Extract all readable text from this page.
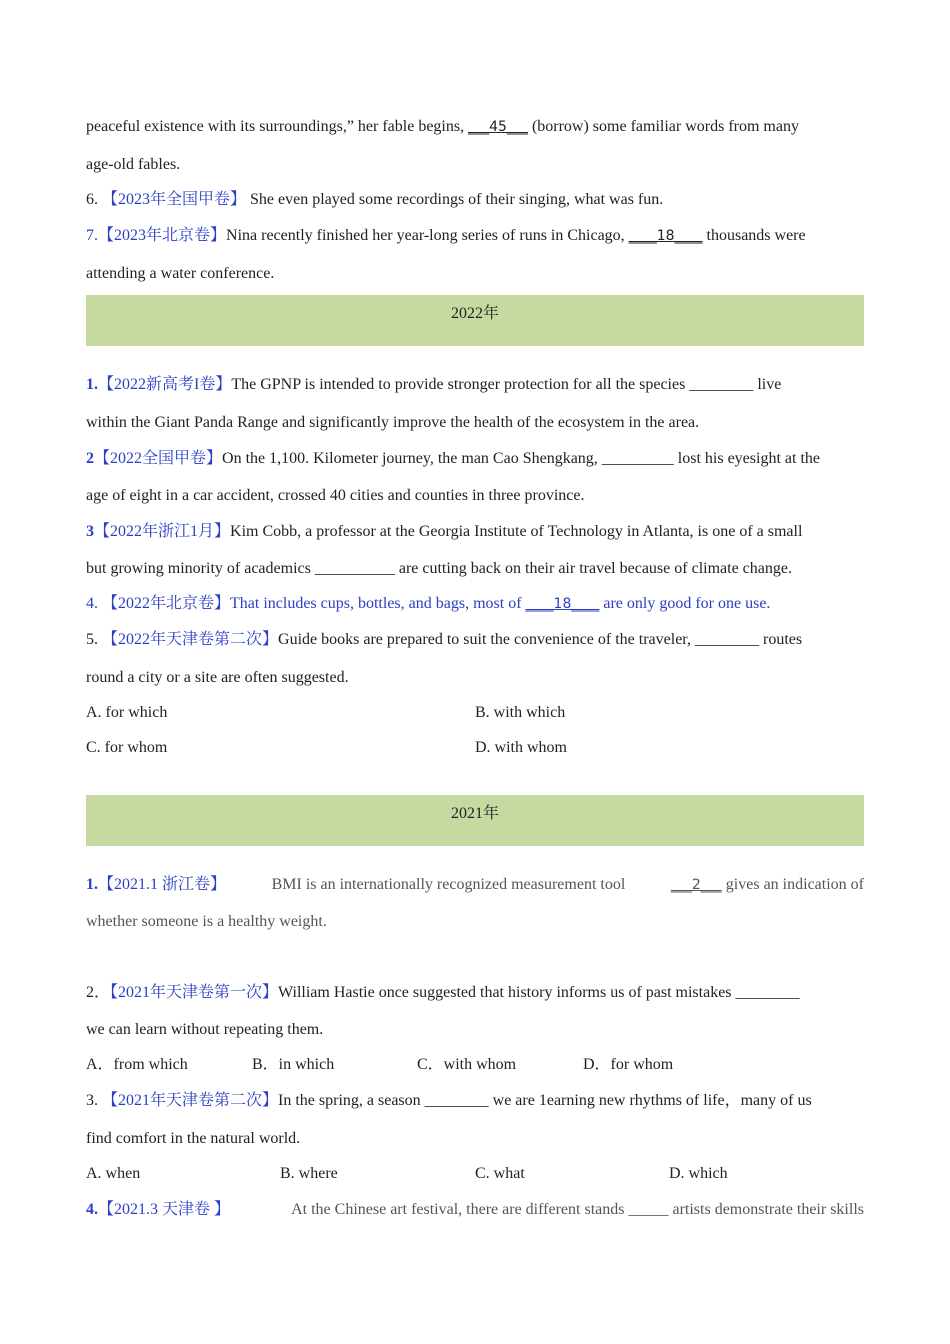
peaceful existence with its surroundings,” her fable begins, ___45___ (borrow) some familiar words from many
age-old fables.
6. 【2023年全国甲卷】 She even played some recordings of their singing, what was fun.
7.【2023年北京卷】Nina recently finished her year-long series of runs in Chicago, ____18____ thousands were
attending a water conference.
2022年
1.【2022新高考I卷】The GPNP is intended to provide stronger protection for all the species ________ live
within the Giant Panda Range and significantly improve the health of the ecosystem in the area.
2【2022全国甲卷】On the 1,100. Kilometer journey, the man Cao Shengkang, _________ lost his eyesight at the
age of eight in a car accident, crossed 40 cities and counties in three province.
3【2022年浙江1月】Kim Cobb, a professor at the Georgia Institute of Technology in Atlanta, is one of a small
but growing minority of academics __________ are cutting back on their air travel because of climate change.
4. 【2022年北京卷】That includes cups, bottles, and bags, most of ____18____ are only good for one use.
5. 【2022年天津卷第二次】Guide books are prepared to suit the convenience of the traveler, ________ routes
round a city or a site are often suggested.
A. for which	B. with which
C. for whom	D. with whom
2021年
1.【2021.1 浙江卷】	BMI is an internationally recognized measurement tool	___2___ gives an indication of
whether someone is a healthy weight.
2．【2021年天津卷第一次】William Hastie once suggested that history informs us of past mistakes ________
we can learn without repeating them.
A．from which	B．in which	C．with whom	D．for whom
3. 【2021年天津卷第二次】In the spring, a season ________ we are 1earning new rhythms of life，many of us
find comfort in the natural world.
A. when	B. where	C. what	D. which
4.【2021.3 天津卷 】	At the Chinese art festival, there are different stands _____ artists demonstrate their skills
